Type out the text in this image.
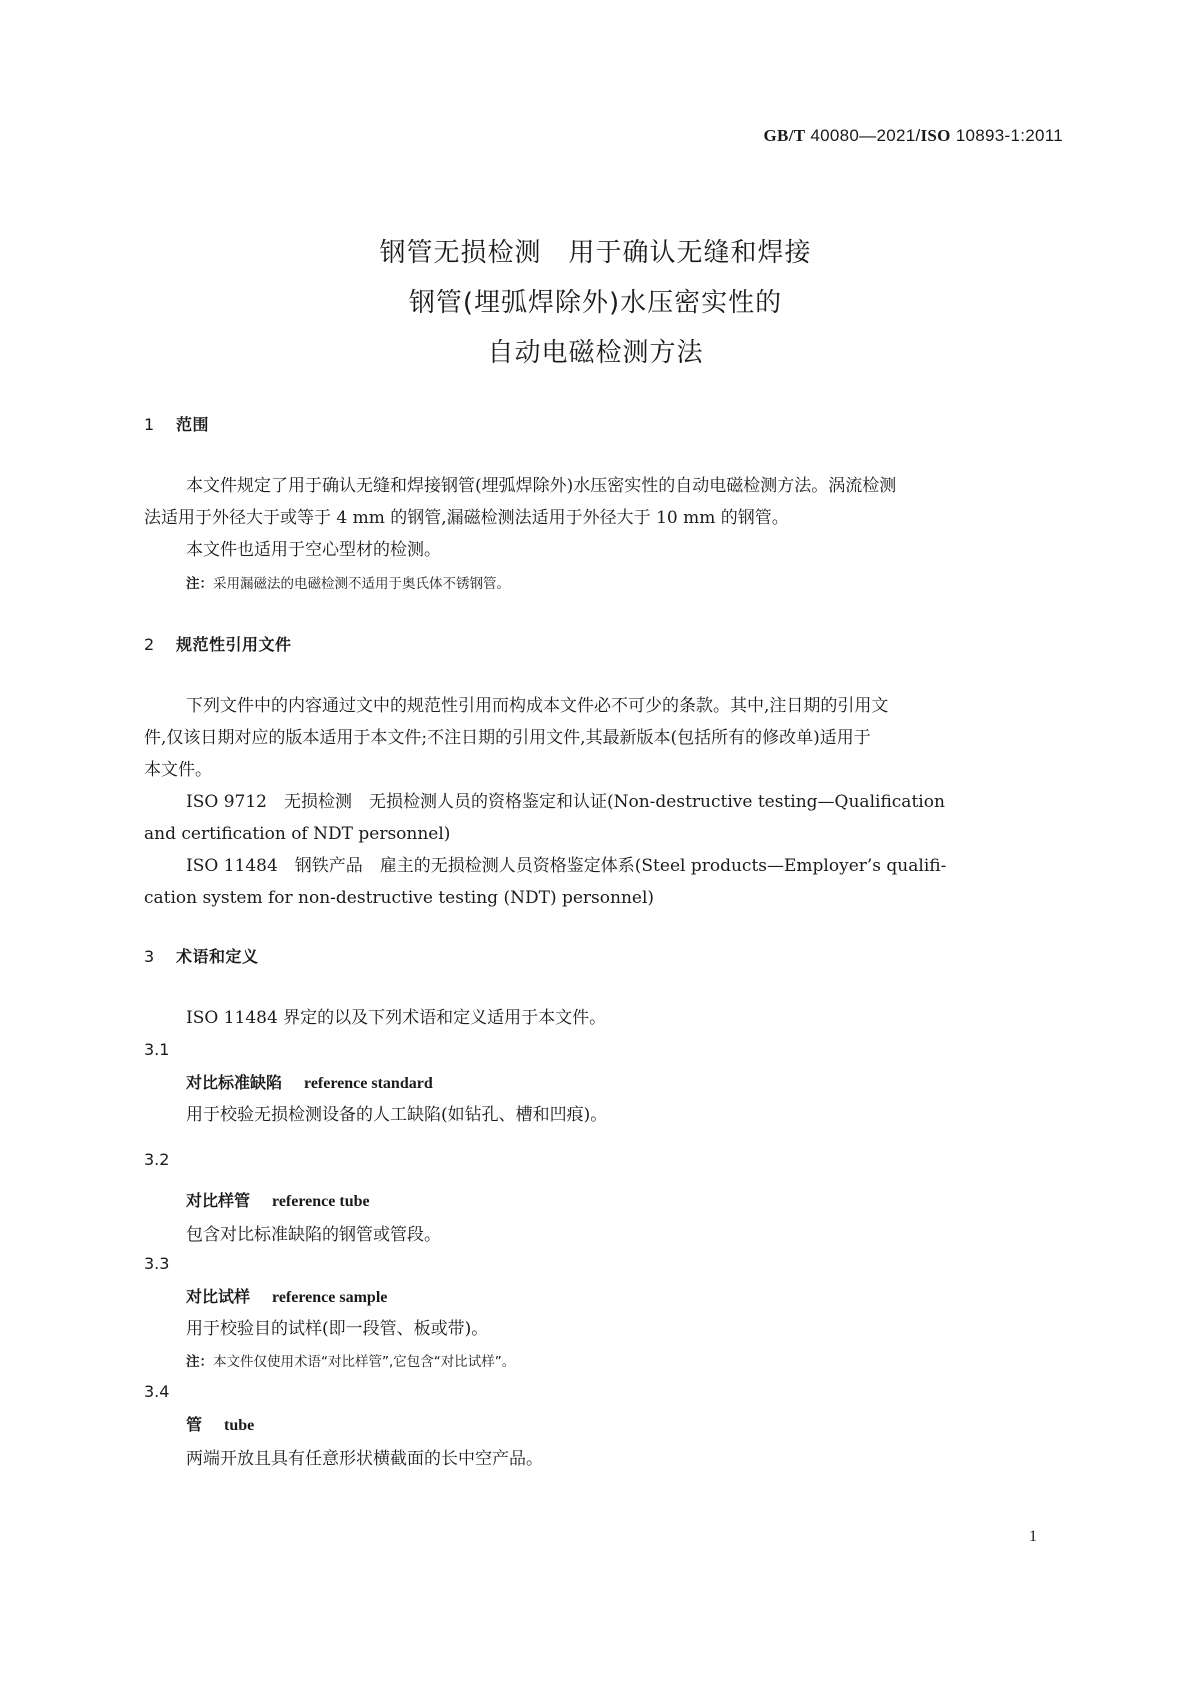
GB/T 40080—2021/ISO 10893-1:2011
钢管无损检测　用于确认无缝和焊接
钢管(埋弧焊除外)水压密实性的
自动电磁检测方法
1 范围
本文件规定了用于确认无缝和焊接钢管(埋弧焊除外)水压密实性的自动电磁检测方法。涡流检测
法适用于外径大于或等于 4 mm 的钢管,漏磁检测法适用于外径大于 10 mm 的钢管。
本文件也适用于空心型材的检测。
注：采用漏磁法的电磁检测不适用于奥氏体不锈钢管。
2 规范性引用文件
下列文件中的内容通过文中的规范性引用而构成本文件必不可少的条款。其中,注日期的引用文
件,仅该日期对应的版本适用于本文件;不注日期的引用文件,其最新版本(包括所有的修改单)适用于
本文件。
ISO 9712　无损检测　无损检测人员的资格鉴定和认证(Non-destructive testing—Qualification
and certification of NDT personnel)
ISO 11484　钢铁产品　雇主的无损检测人员资格鉴定体系(Steel products—Employer’s qualifi-
cation system for non-destructive testing (NDT) personnel)
3 术语和定义
ISO 11484 界定的以及下列术语和定义适用于本文件。
3.1
对比标准缺陷 reference standard
用于校验无损检测设备的人工缺陷(如钻孔、槽和凹痕)。
3.2
对比样管 reference tube
包含对比标准缺陷的钢管或管段。
3.3
对比试样 reference sample
用于校验目的试样(即一段管、板或带)。
注：本文件仅使用术语“对比样管”,它包含“对比试样”。
3.4
管 tube
两端开放且具有任意形状横截面的长中空产品。
1
